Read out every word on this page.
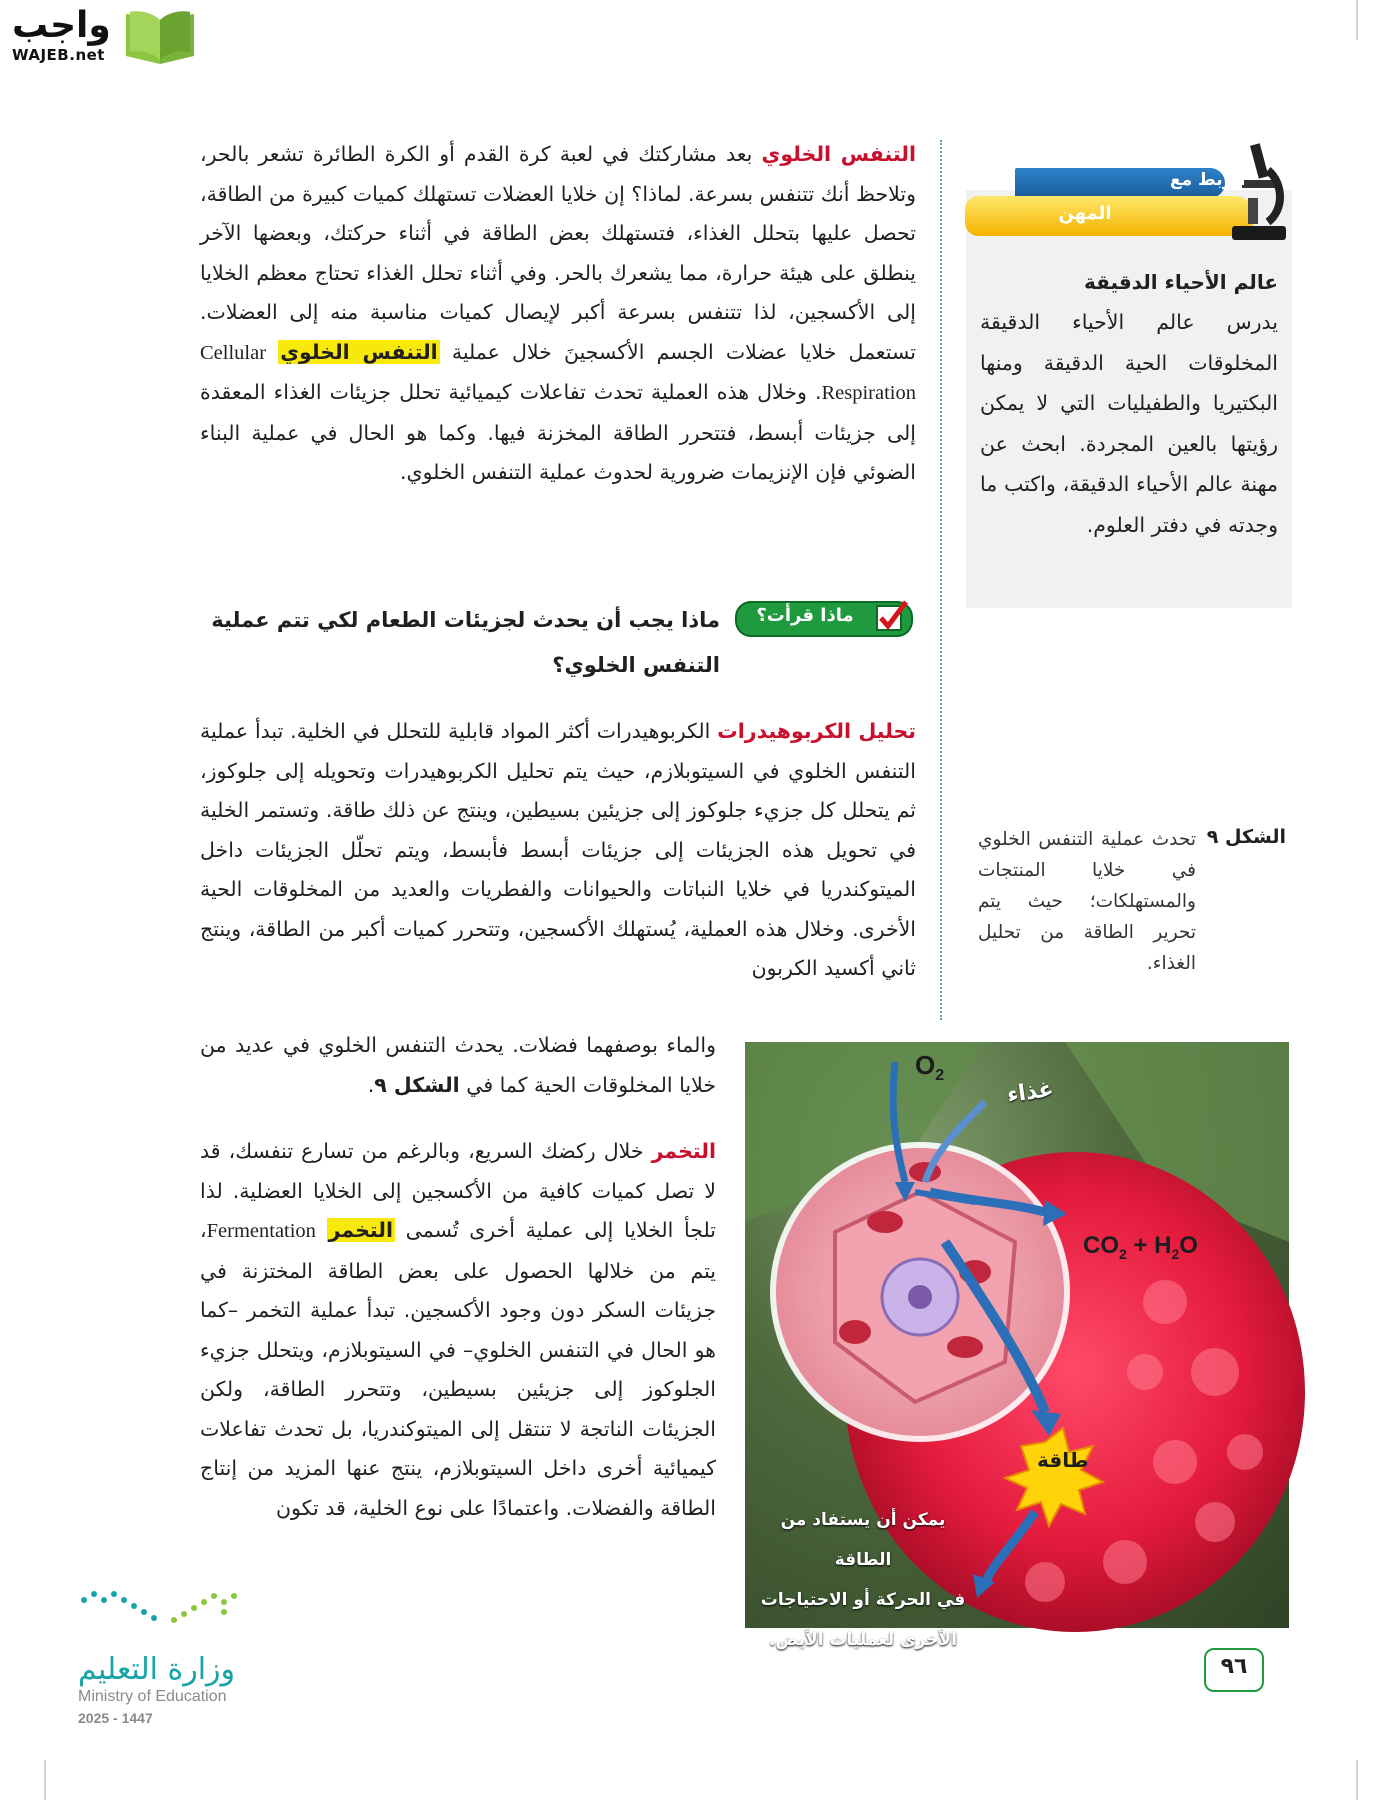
واجب
WAJEB.net
التنفس الخلوي بعد مشاركتك في لعبة كرة القدم أو الكرة الطائرة تشعر بالحر، وتلاحظ أنك تتنفس بسرعة. لماذا؟ إن خلايا العضلات تستهلك كميات كبيرة من الطاقة، تحصل عليها بتحلل الغذاء، فتستهلك بعض الطاقة في أثناء حركتك، وبعضها الآخر ينطلق على هيئة حرارة، مما يشعرك بالحر. وفي أثناء تحلل الغذاء تحتاج معظم الخلايا إلى الأكسجين، لذا تتنفس بسرعة أكبر لإيصال كميات مناسبة منه إلى العضلات. تستعمل خلايا عضلات الجسم الأكسجينَ خلال عملية التنفس الخلوي Cellular Respiration. وخلال هذه العملية تحدث تفاعلات كيميائية تحلل جزيئات الغذاء المعقدة إلى جزيئات أبسط، فتتحرر الطاقة المخزنة فيها. وكما هو الحال في عملية البناء الضوئي فإن الإنزيمات ضرورية لحدوث عملية التنفس الخلوي.
ماذا قرأت؟
ماذا يجب أن يحدث لجزيئات الطعام لكي تتم عملية التنفس الخلوي؟
تحليل الكربوهيدرات الكربوهيدرات أكثر المواد قابلية للتحلل في الخلية. تبدأ عملية التنفس الخلوي في السيتوبلازم، حيث يتم تحليل الكربوهيدرات وتحويله إلى جلوكوز، ثم يتحلل كل جزيء جلوكوز إلى جزيئين بسيطين، وينتج عن ذلك طاقة. وتستمر الخلية في تحويل هذه الجزيئات إلى جزيئات أبسط فأبسط، ويتم تحلّل الجزيئات داخل الميتوكندريا في خلايا النباتات والحيوانات والفطريات والعديد من المخلوقات الحية الأخرى. وخلال هذه العملية، يُستهلك الأكسجين، وتتحرر كميات أكبر من الطاقة، وينتج ثاني أكسيد الكربون
والماء بوصفهما فضلات. يحدث التنفس الخلوي في عديد من خلايا المخلوقات الحية كما في الشكل ٩.
التخمر خلال ركضك السريع، وبالرغم من تسارع تنفسك، قد لا تصل كميات كافية من الأكسجين إلى الخلايا العضلية. لذا تلجأ الخلايا إلى عملية أخرى تُسمى التخمر Fermentation، يتم من خلالها الحصول على بعض الطاقة المختزنة في جزيئات السكر دون وجود الأكسجين. تبدأ عملية التخمر –كما هو الحال في التنفس الخلوي– في السيتوبلازم، ويتحلل جزيء الجلوكوز إلى جزيئين بسيطين، وتتحرر الطاقة، ولكن الجزيئات الناتجة لا تنتقل إلى الميتوكندريا، بل تحدث تفاعلات كيميائية أخرى داخل السيتوبلازم، ينتج عنها المزيد من إنتاج الطاقة والفضلات. واعتمادًا على نوع الخلية، قد تكون
الربط مع
المهن
عالم الأحياء الدقيقة
يدرس عالم الأحياء الدقيقة المخلوقات الحية الدقيقة ومنها البكتيريا والطفيليات التي لا يمكن رؤيتها بالعين المجردة. ابحث عن مهنة عالم الأحياء الدقيقة، واكتب ما وجدته في دفتر العلوم.
الشكل ٩
تحدث عملية التنفس الخلوي في خلايا المنتجات والمستهلكات؛ حيث يتم تحرير الطاقة من تحليل الغذاء.
$O_2$
غذاء
$CO_2 + H_2O$
طاقة
يمكن أن يستفاد من الطاقة
في الحركة أو الاحتياجات
الأخرى لعمليات الأيض.
وزارة التعليم
Ministry of Education
2025 - 1447
٩٦
